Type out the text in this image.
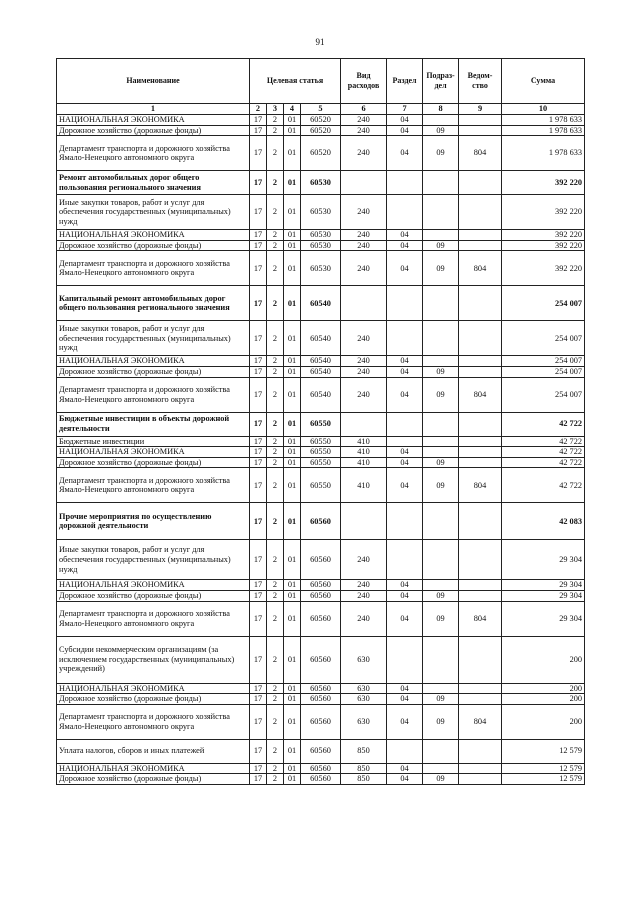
91
Наименование	Целевая статья				Вид расходов	Раздел	Подраз-дел	Ведом-ство	Сумма
1	2	3	4	5	6	7	8	9	10
НАЦИОНАЛЬНАЯ ЭКОНОМИКА	17	2	01	60520	240	04			1 978 633
Дорожное хозяйство (дорожные фонды)	17	2	01	60520	240	04	09		1 978 633
Департамент транспорта и дорожного хозяйства Ямало-Ненецкого автономного округа	17	2	01	60520	240	04	09	804	1 978 633
Ремонт автомобильных дорог общего пользования регионального значения	17	2	01	60530					392 220
Иные закупки товаров, работ и услуг для обеспечения государственных (муниципальных) нужд	17	2	01	60530	240				392 220
НАЦИОНАЛЬНАЯ ЭКОНОМИКА	17	2	01	60530	240	04			392 220
Дорожное хозяйство (дорожные фонды)	17	2	01	60530	240	04	09		392 220
Департамент транспорта и дорожного хозяйства Ямало-Ненецкого автономного округа	17	2	01	60530	240	04	09	804	392 220
Капитальный ремонт автомобильных дорог общего пользования регионального значения	17	2	01	60540					254 007
Иные закупки товаров, работ и услуг для обеспечения государственных (муниципальных) нужд	17	2	01	60540	240				254 007
НАЦИОНАЛЬНАЯ ЭКОНОМИКА	17	2	01	60540	240	04			254 007
Дорожное хозяйство (дорожные фонды)	17	2	01	60540	240	04	09		254 007
Департамент транспорта и дорожного хозяйства Ямало-Ненецкого автономного округа	17	2	01	60540	240	04	09	804	254 007
Бюджетные инвестиции в объекты дорожной деятельности	17	2	01	60550					42 722
Бюджетные инвестиции	17	2	01	60550	410				42 722
НАЦИОНАЛЬНАЯ ЭКОНОМИКА	17	2	01	60550	410	04			42 722
Дорожное хозяйство (дорожные фонды)	17	2	01	60550	410	04	09		42 722
Департамент транспорта и дорожного хозяйства Ямало-Ненецкого автономного округа	17	2	01	60550	410	04	09	804	42 722
Прочие мероприятия по осуществлению дорожной деятельности	17	2	01	60560					42 083
Иные закупки товаров, работ и услуг для обеспечения государственных (муниципальных) нужд	17	2	01	60560	240				29 304
НАЦИОНАЛЬНАЯ ЭКОНОМИКА	17	2	01	60560	240	04			29 304
Дорожное хозяйство (дорожные фонды)	17	2	01	60560	240	04	09		29 304
Департамент транспорта и дорожного хозяйства Ямало-Ненецкого автономного округа	17	2	01	60560	240	04	09	804	29 304
Субсидии некоммерческим организациям (за исключением государственных (муниципальных) учреждений)	17	2	01	60560	630				200
НАЦИОНАЛЬНАЯ ЭКОНОМИКА	17	2	01	60560	630	04			200
Дорожное хозяйство (дорожные фонды)	17	2	01	60560	630	04	09		200
Департамент транспорта и дорожного хозяйства Ямало-Ненецкого автономного округа	17	2	01	60560	630	04	09	804	200
Уплата налогов, сборов и иных платежей	17	2	01	60560	850				12 579
НАЦИОНАЛЬНАЯ ЭКОНОМИКА	17	2	01	60560	850	04			12 579
Дорожное хозяйство (дорожные фонды)	17	2	01	60560	850	04	09		12 579
